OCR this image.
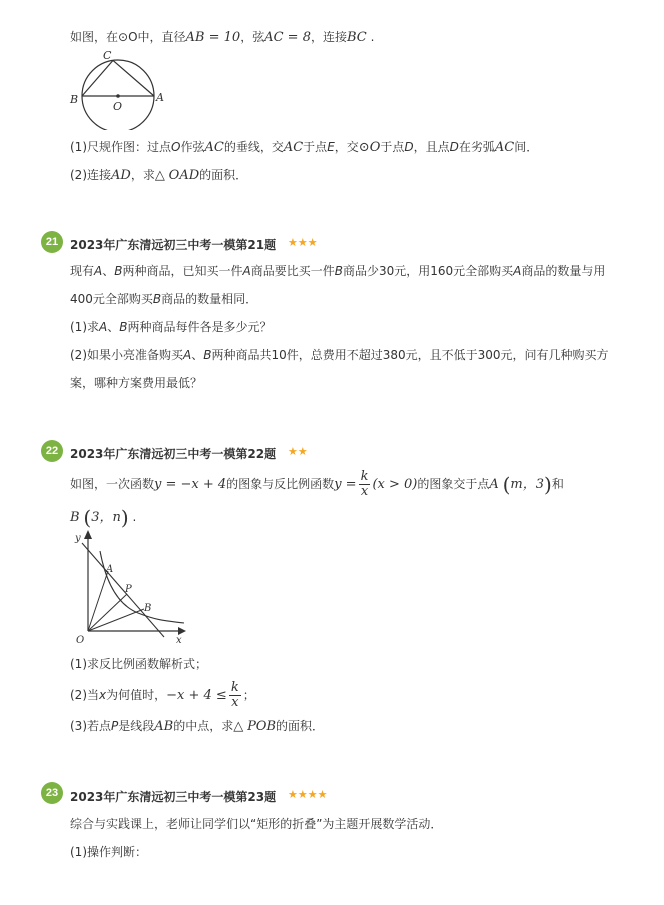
如图，在⊙O中，直径AB = 10，弦AC = 8，连接BC .
C
B
O
A
(1)尺规作图：过点O作弦AC的垂线，交AC于点E，交⊙O于点D，且点D在劣弧AC间．
(2)连接AD，求△ OAD的面积．
21 2023年广东清远初三中考一模第21题 ★★★
现有A、B两种商品，已知买一件A商品要比买一件B商品少30元，用160元全部购买A商品的数量与用
400元全部购买B商品的数量相同．
(1)求A、B两种商品每件各是多少元？
(2)如果小亮准备购买A、B两种商品共10件，总费用不超过380元，且不低于300元，问有几种购买方
案，哪种方案费用最低？
22 2023年广东清远初三中考一模第22题 ★★
如图，一次函数y = −x + 4的图象与反比例函数$y = \frac{k}{x} (x > 0)$的图象交于点A (m，3)和
B (3，n) .
y
A
P
B
O	x
(1)求反比例函数解析式；
(2)当x为何值时，$-x + 4 \le \frac{k}{x}$ ；
(3)若点P是线段AB的中点，求△ POB的面积．
23 2023年广东清远初三中考一模第23题 ★★★★
综合与实践课上，老师让同学们以“矩形的折叠”为主题开展数学活动．
(1)操作判断：
